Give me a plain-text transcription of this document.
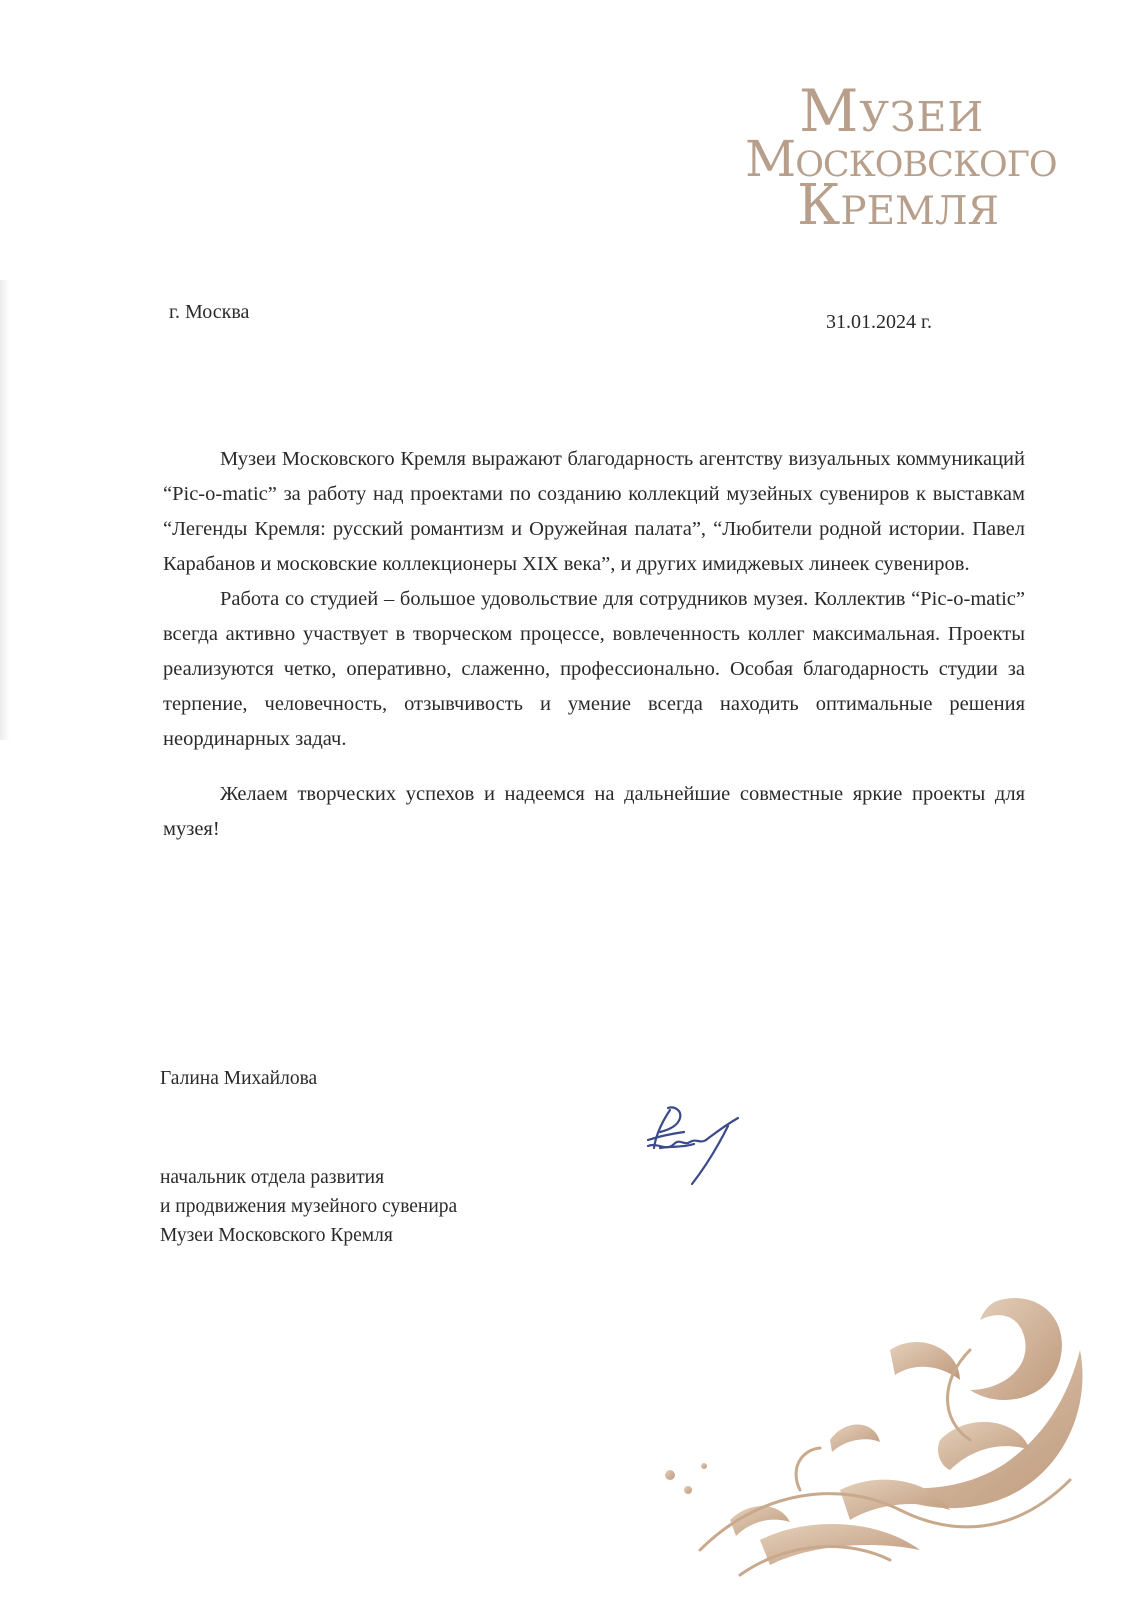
Музеи
Московского
Кремля
г. Москва	31.01.2024 г.

Музеи Московского Кремля выражают благодарность агентству визуальных коммуникаций “Pic-o-matic” за работу над проектами по созданию коллекций музейных сувениров к выставкам “Легенды Кремля: русский романтизм и Оружейная палата”, “Любители родной истории. Павел Карабанов и московские коллекционеры XIX века”, и других имиджевых линеек сувениров.

Работа со студией – большое удовольствие для сотрудников музея. Коллектив “Pic-o-matic” всегда активно участвует в творческом процессе, вовлеченность коллег максимальная. Проекты реализуются четко, оперативно, слаженно, профессионально. Особая благодарность студии за терпение, человечность, отзывчивость и умение всегда находить оптимальные решения неординарных задач.

Желаем творческих успехов и надеемся на дальнейшие совместные яркие проекты для музея!

Галина Михайлова
начальник отдела развития
и продвижения музейного сувенира
Музеи Московского Кремля
